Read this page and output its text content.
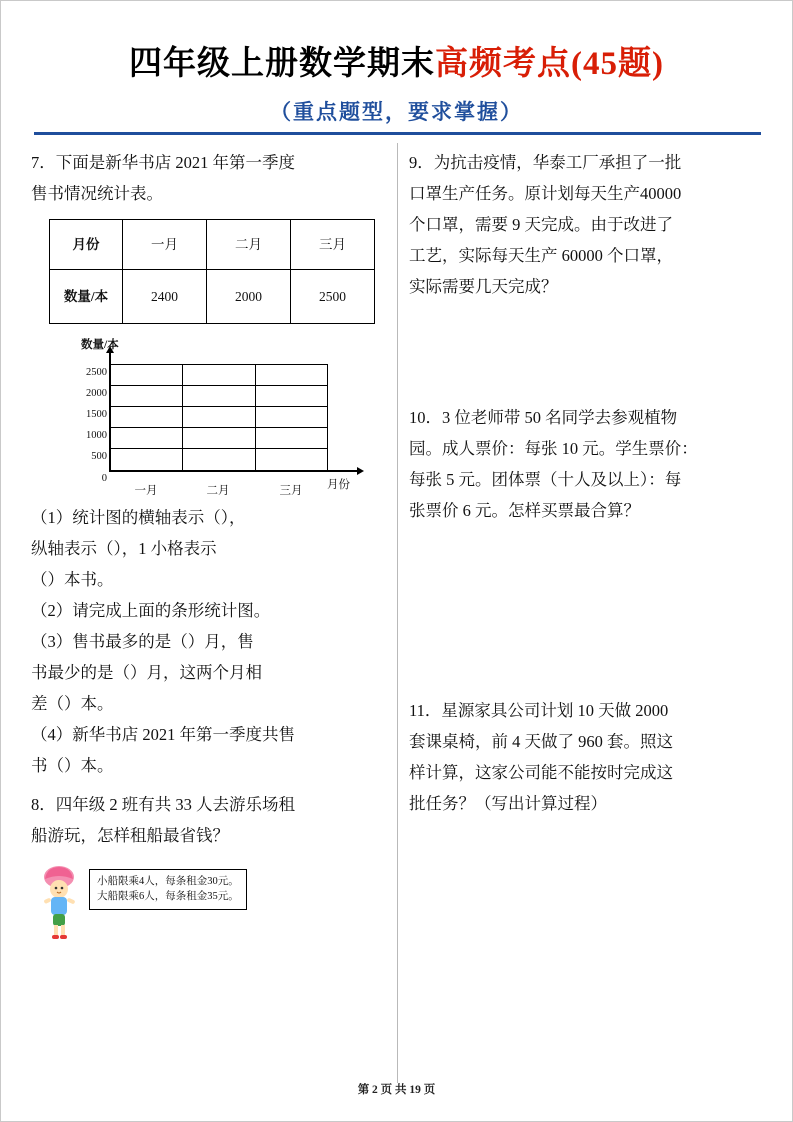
四年级上册数学期末高频考点(45题)
（重点题型，要求掌握）

7．下面是新华书店 2021 年第一季度

售书情况统计表。

月份	一月	二月	三月
数量/本	2400	2000	2500
数量/本
月份
2500
2000
1500
1000
500
0
一月	二月	三月

（1）统计图的横轴表示（），

纵轴表示（），1 小格表示

（）本书。

（2）请完成上面的条形统计图。

（3）售书最多的是（）月，售

书最少的是（）月，这两个月相

差（）本。

（4）新华书店 2021 年第一季度共售

书（）本。

8．四年级 2 班有共 33 人去游乐场租

船游玩，怎样租船最省钱？

小船限乘4人，每条租金30元。
大船限乘6人，每条租金35元。

9．为抗击疫情，华泰工厂承担了一批

口罩生产任务。原计划每天生产40000

个口罩，需要 9 天完成。由于改进了

工艺，实际每天生产 60000 个口罩，

实际需要几天完成？

10．3 位老师带 50 名同学去参观植物

园。成人票价：每张 10 元。学生票价：

每张 5 元。团体票（十人及以上）：每

张票价 6 元。怎样买票最合算？

11．星源家具公司计划 10 天做 2000

套课桌椅，前 4 天做了 960 套。照这

样计算，这家公司能不能按时完成这

批任务？（写出计算过程）

第 2 页 共 19 页
